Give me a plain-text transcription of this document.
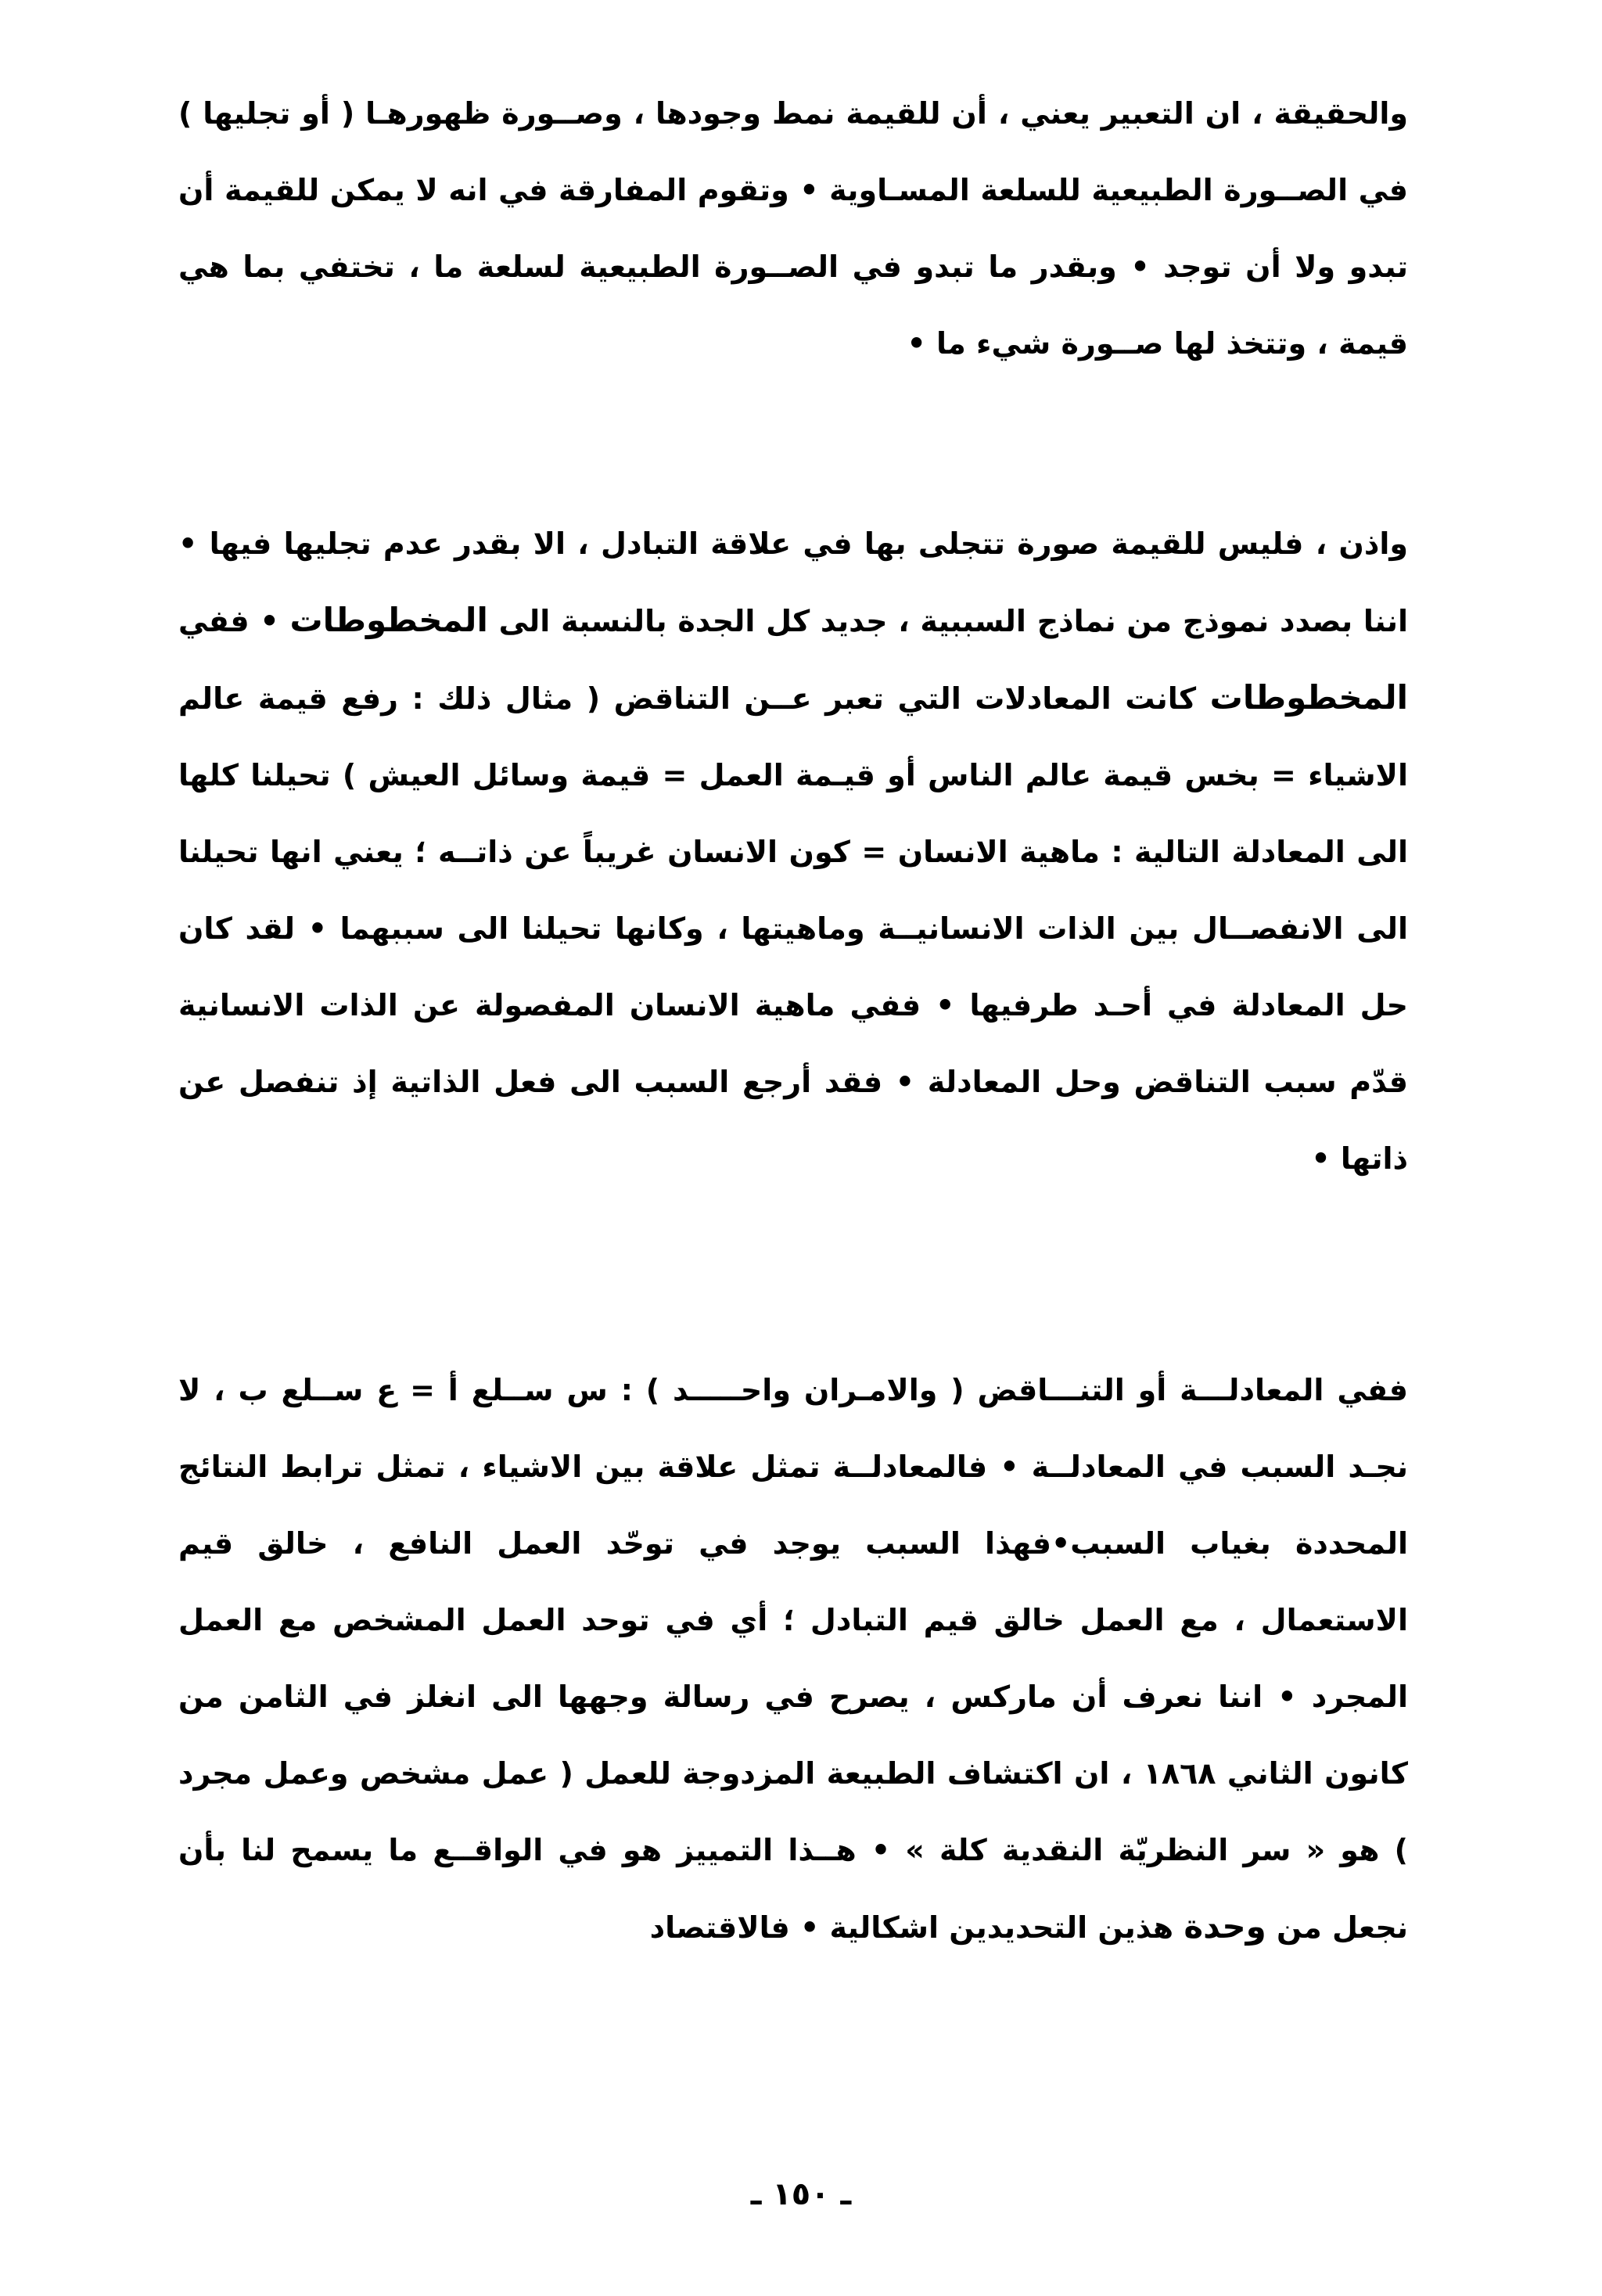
والحقيقة ، ان التعبير يعني ، أن للقيمة نمط وجودها ، وصــورة ظهورهـا ( أو تجليها ) في الصــورة الطبيعية للسلعة المسـاوية • وتقوم المفارقة في انه لا يمكن للقيمة أن تبدو ولا أن توجد • وبقدر ما تبدو في الصــورة الطبيعية لسلعة ما ، تختفي بما هي قيمة ، وتتخذ لها صــورة شيء ما •

واذن ، فليس للقيمة صورة تتجلى بها في علاقة التبادل ، الا بقدر عدم تجليها فيها • اننا بصدد نموذج من نماذج السببية ، جديد كل الجدة بالنسبة الى المخطوطات • ففي المخطوطات كانت المعادلات التي تعبر عــن التناقض ( مثال ذلك : رفع قيمة عالم الاشياء = بخس قيمة عالم الناس أو قيـمة العمل = قيمة وسائل العيش ) تحيلنا كلها الى المعادلة التالية : ماهية الانسان = كون الانسان غريباً عن ذاتــه ؛ يعني انها تحيلنا الى الانفصــال بين الذات الانسانيــة وماهيتها ، وكانها تحيلنا الى سببهما • لقد كان حل المعادلة في أحـد طرفيها • ففي ماهية الانسان المفصولة عن الذات الانسانية قدّم سبب التناقض وحل المعادلة • فقد أرجع السبب الى فعل الذاتية إذ تنفصل عن ذاتها •

ففي المعادلـــة أو التنـــاقض ( والامـران واحـــــد ) : س ســلع أ = ع ســلع ب ، لا نجـد السبب في المعادلــة • فالمعادلــة تمثل علاقة بين الاشياء ، تمثل ترابط النتائج المحددة بغياب السبب•فهذا السبب يوجد في توحّد العمل النافع ، خالق قيم الاستعمال ، مع العمل خالق قيم التبادل ؛ أي في توحد العمل المشخص مع العمل المجرد • اننا نعرف أن ماركس ، يصرح في رسالة وجهها الى انغلز في الثامن من كانون الثاني ١٨٦٨ ، ان اكتشاف الطبيعة المزدوجة للعمل ( عمل مشخص وعمل مجرد ) هو « سر النظريّة النقدية كلة » • هــذا التمييز هو في الواقــع ما يسمح لنا بأن نجعل من وحدة هذين التحديدين اشكالية • فالاقتصاد

ـ ١٥٠ ـ
